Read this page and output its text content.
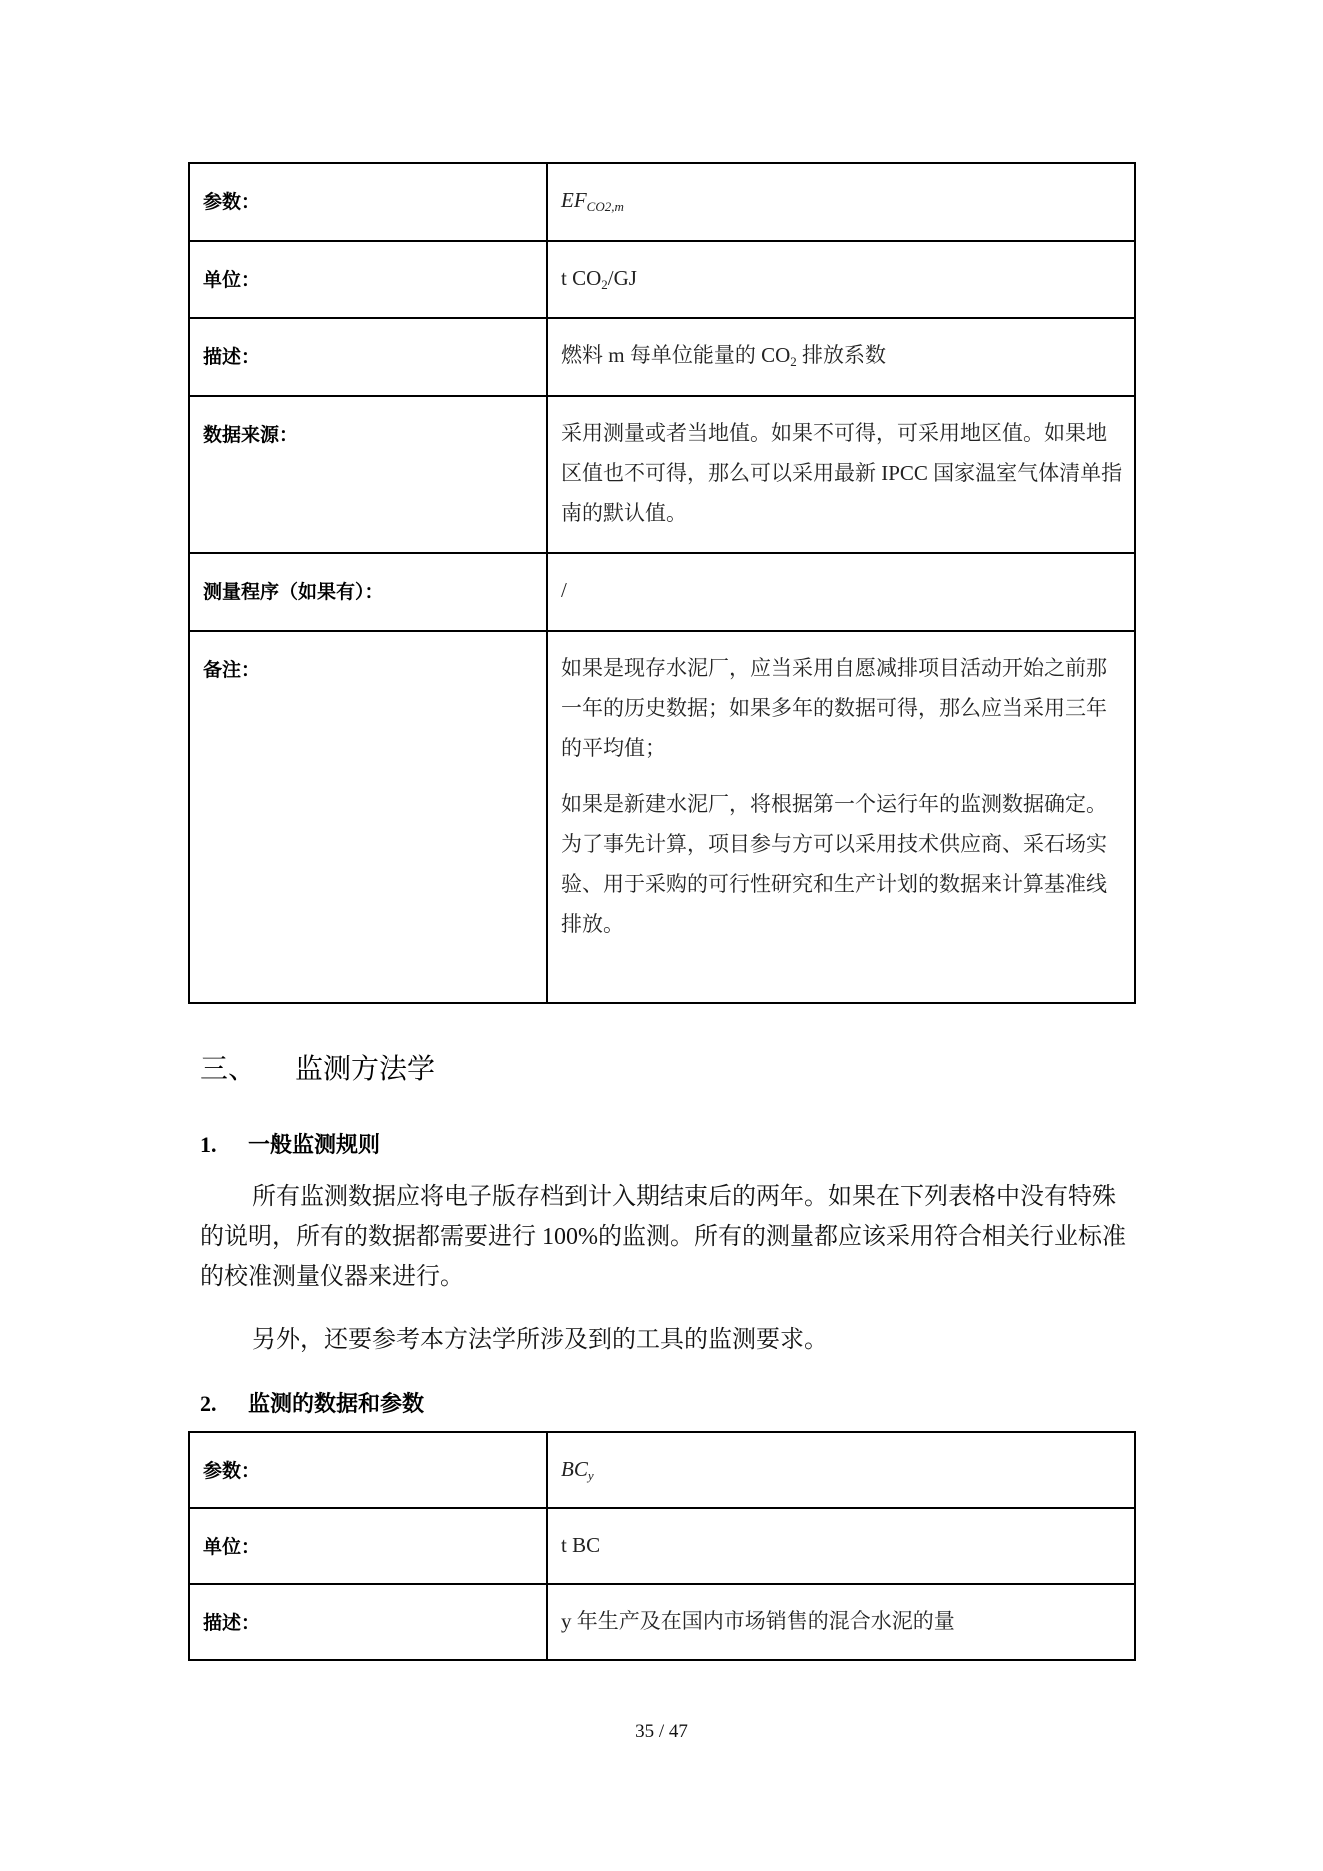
参数：	$EF_{CO2,m}$

单位：	t $CO_2/GJ$

描述：	燃料 m 每单位能量的 $CO_2$ 排放系数

数据来源：	采用测量或者当地值。如果不可得，可采用地区值。如果地区值也不可得，那么可以采用最新 IPCC 国家温室气体清单指南的默认值。

测量程序（如果有）：	/

备注：	如果是现存水泥厂，应当采用自愿减排项目活动开始之前那一年的历史数据；如果多年的数据可得，那么应当采用三年的平均值；

如果是新建水泥厂，将根据第一个运行年的监测数据确定。为了事先计算，项目参与方可以采用技术供应商、采石场实验、用于采购的可行性研究和生产计划的数据来计算基准线排放。

三、 监测方法学
1. 一般监测规则

所有监测数据应将电子版存档到计入期结束后的两年。如果在下列表格中没有特殊的说明，所有的数据都需要进行 100%的监测。所有的测量都应该采用符合相关行业标准的校准测量仪器来进行。

另外，还要参考本方法学所涉及到的工具的监测要求。

2. 监测的数据和参数
参数：	$BC_y$

单位：	t BC

描述：	y 年生产及在国内市场销售的混合水泥的量
35 / 47
